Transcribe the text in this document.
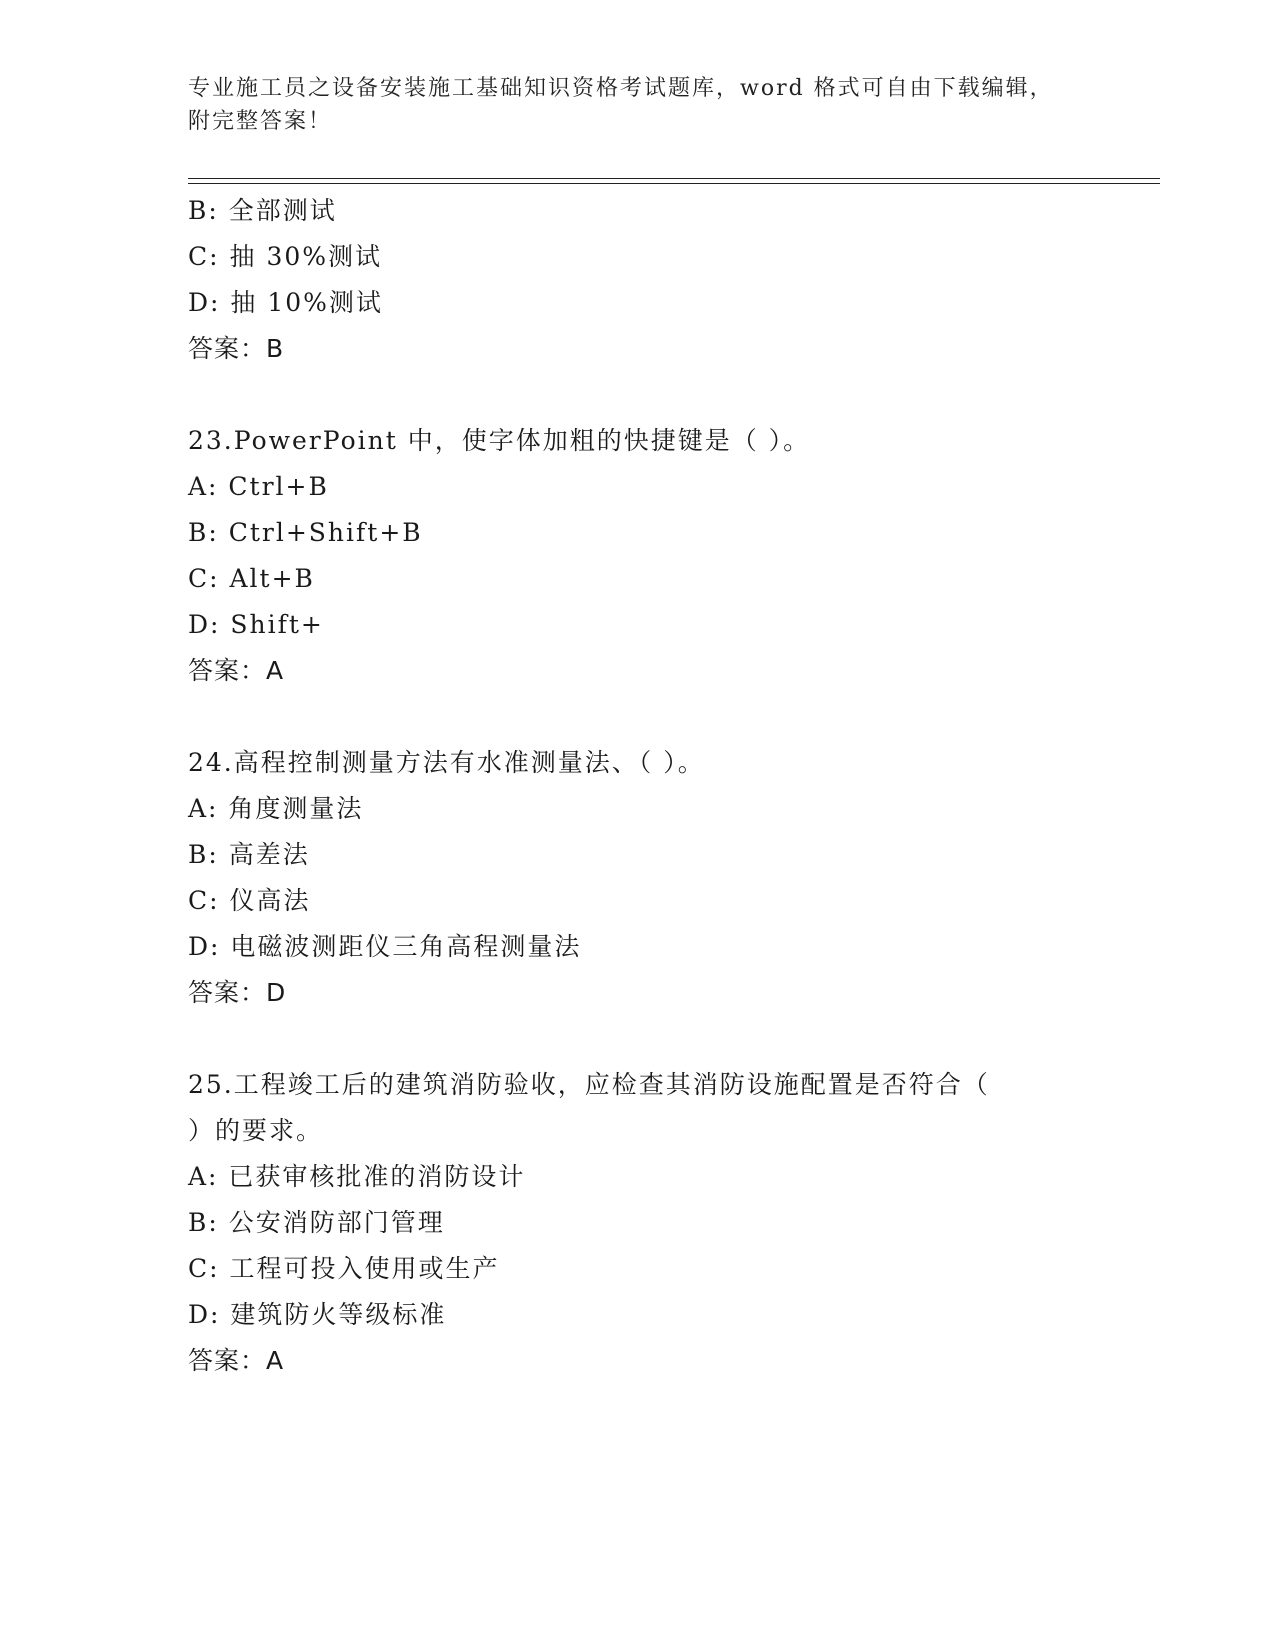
专业施工员之设备安装施工基础知识资格考试题库，word 格式可自由下载编辑，
附完整答案！
B: 全部测试
C: 抽 30%测试
D: 抽 10%测试
答案：B
23.PowerPoint 中，使字体加粗的快捷键是（ ）。
A: Ctrl+B
B: Ctrl+Shift+B
C: Alt+B
D: Shift+
答案：A
24.高程控制测量方法有水准测量法、（ ）。
A: 角度测量法
B: 高差法
C: 仪高法
D: 电磁波测距仪三角高程测量法
答案：D
25.工程竣工后的建筑消防验收，应检查其消防设施配置是否符合（
）的要求。
A: 已获审核批准的消防设计
B: 公安消防部门管理
C: 工程可投入使用或生产
D: 建筑防火等级标准
答案：A
